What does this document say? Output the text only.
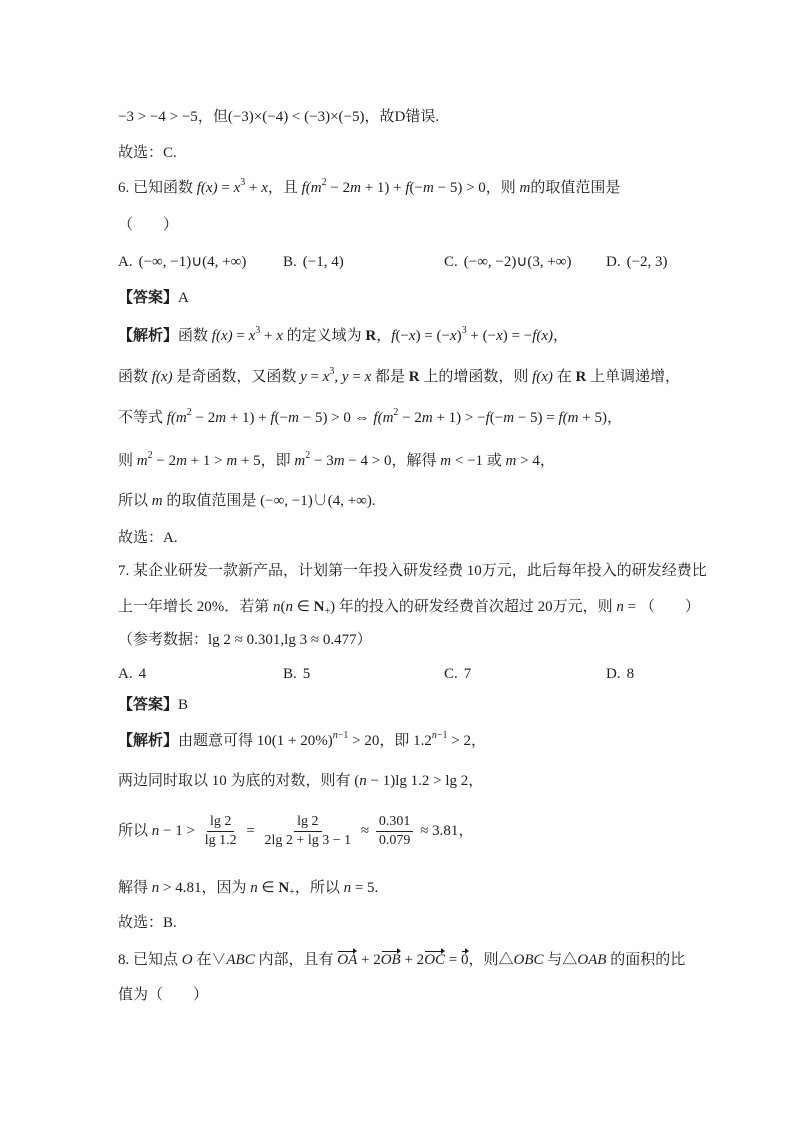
−3 > −4 > −5，但(−3)×(−4) < (−3)×(−5)，故D错误.
故选：C.
6. 已知函数 $f(x) = x^3 + x$，且 $f(m^2 - 2m + 1) + f(-m - 5) > 0$，则 m的取值范围是
（　　）
A. (−∞, −1)∪(4, +∞) B. (−1, 4)	C. (−∞, −2)∪(3, +∞) D. (−2, 3)
【答案】A
【解析】函数 $f(x) = x^3 + x$ 的定义域为 R，$f(-x) = (-x)^3 + (-x) = -f(x)$，
函数 f(x) 是奇函数，又函数 $y = x^3$, y = x 都是 R 上的增函数，则 f(x) 在 R 上单调递增，
不等式 $f(m^2 - 2m + 1) + f(-m - 5) > 0$ ⇔ $f(m^2 - 2m + 1) > -f(-m - 5) = f(m + 5)$，
则 $m^2 - 2m + 1 > m + 5$，即 $m^2 - 3m - 4 > 0$，解得 m < −1 或 m > 4，
所以 m 的取值范围是 (−∞, −1)∪(4, +∞).
故选：A.
7. 某企业研发一款新产品，计划第一年投入研发经费 10万元，此后每年投入的研发经费比
上一年增长 20%．若第 n(n ∈ $N_+$) 年的投入的研发经费首次超过 20万元，则 n = （　　）
（参考数据：lg 2 ≈ 0.301,lg 3 ≈ 0.477）
A. 4	B. 5	C. 7	D. 8
【答案】B
【解析】由题意可得 $10(1 + 20\%)^{n-1} > 20$，即 $1.2^{n-1} > 2$，
两边同时取以 10 为底的对数，则有 (n − 1)lg 1.2 > lg 2，
所以 $n - 1 > \frac{\lg 2}{\lg 1.2} = \frac{\lg 2}{2\lg 2 + \lg 3 - 1} \approx \frac{0.301}{0.079} \approx 3.81$，
解得 n > 4.81，因为 n ∈ $N_+$，所以 n = 5.
故选：B.
8. 已知点 O 在∨ABC 内部，且有 OA + 2OB + 2OC = 0，则△OBC 与△OAB 的面积的比
值为（　　）
